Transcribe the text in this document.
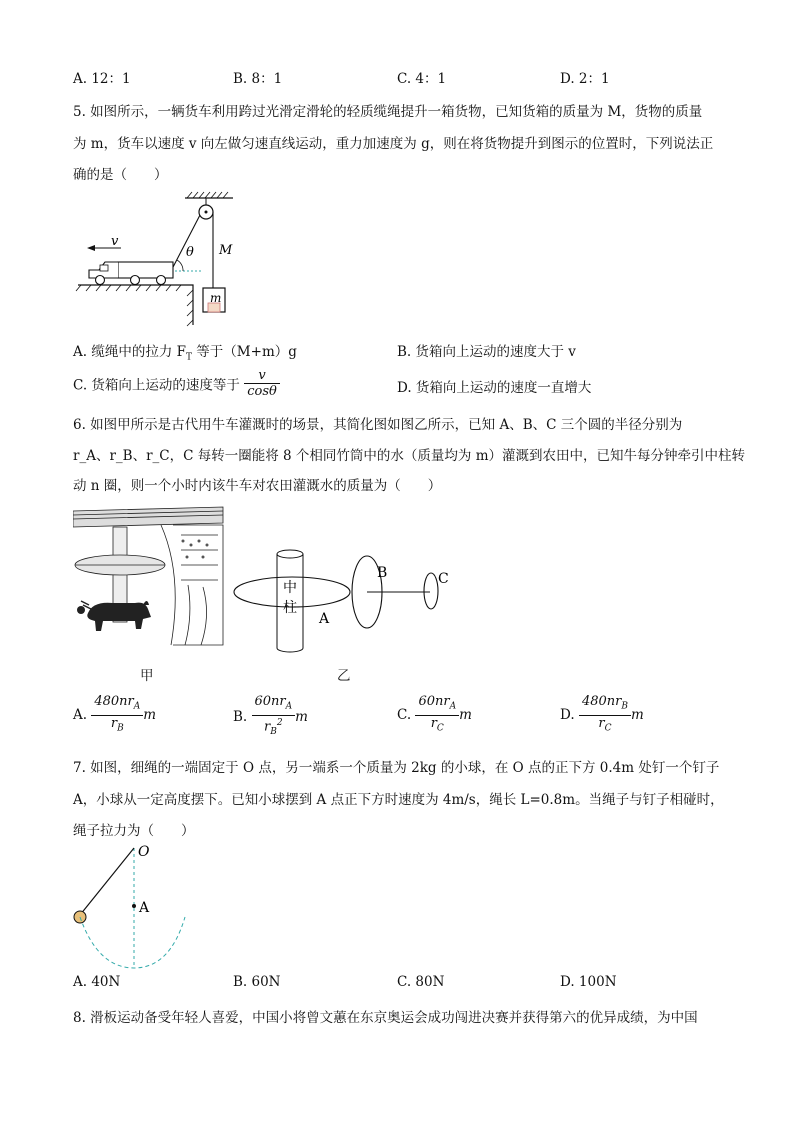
A. 12：1	B. 8：1	C. 4：1	D. 2：1
5. 如图所示，一辆货车利用跨过光滑定滑轮的轻质缆绳提升一箱货物，已知货箱的质量为 M，货物的质量
为 m，货车以速度 v 向左做匀速直线运动，重力加速度为 g，则在将货物提升到图示的位置时，下列说法正
确的是（　　）
θ
v
m
M
A. 缆绳中的拉力 $F_T$ 等于（M+m）g	B. 货箱向上运动的速度大于 v
C. 货箱向上运动的速度等于 $\frac{v}{\cos\theta}$	D. 货箱向上运动的速度一直增大
6. 如图甲所示是古代用牛车灌溉时的场景，其简化图如图乙所示，已知 A、B、C 三个圆的半径分别为
r_A、r_B、r_C，C 每转一圈能将 8 个相同竹筒中的水（质量均为 m）灌溉到农田中，已知牛每分钟牵引中柱转
动 n 圈，则一个小时内该牛车对农田灌溉水的质量为（　　）
甲
中
柱
A
B	C
乙
A. $\frac{480nr_A}{r_B}$ m	B. $\frac{60nr_A}{r_B^2}$ m	C. $\frac{60nr_A}{r_C}$ m	D. $\frac{480nr_B}{r_C}$ m
7. 如图，细绳的一端固定于 O 点，另一端系一个质量为 2kg 的小球，在 O 点的正下方 0.4m 处钉一个钉子
A，小球从一定高度摆下。已知小球摆到 A 点正下方时速度为 4m/s，绳长 L=0.8m。当绳子与钉子相碰时，
绳子拉力为（　　）
O
A
A. 40N	B. 60N	C. 80N	D. 100N
8. 滑板运动备受年轻人喜爱，中国小将曾文蕙在东京奥运会成功闯进决赛并获得第六的优异成绩，为中国
